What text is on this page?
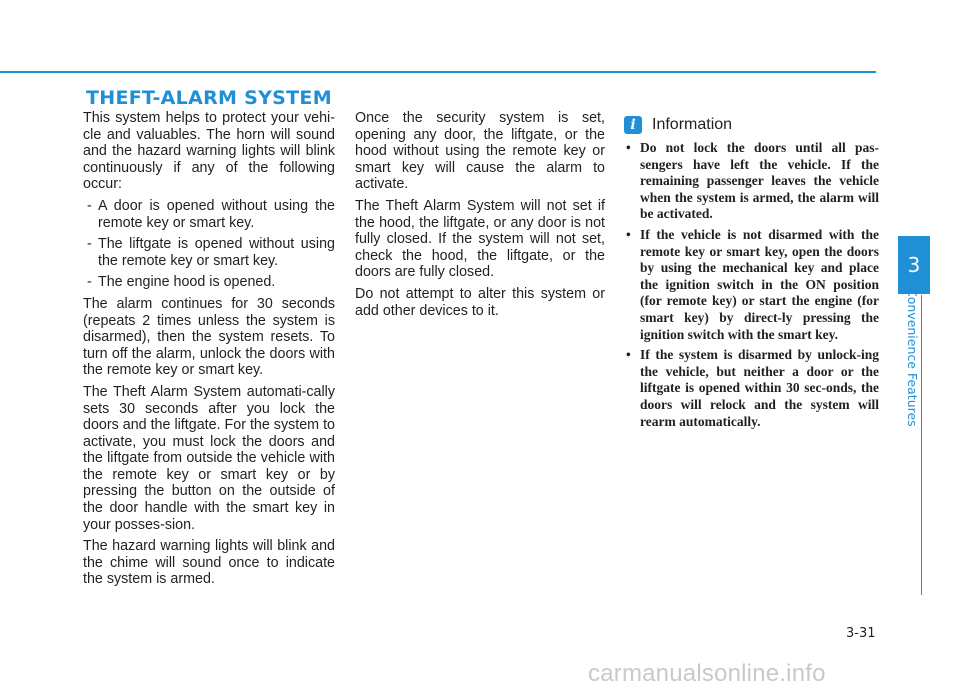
THEFT-ALARM SYSTEM

This system helps to protect your vehi-cle and valuables. The horn will sound and the hazard warning lights will blink continuously if any of the following occur:

- A door is opened without using the remote key or smart key.
- The liftgate is opened without using the remote key or smart key.
- The engine hood is opened.

The alarm continues for 30 seconds (repeats 2 times unless the system is disarmed), then the system resets. To turn off the alarm, unlock the doors with the remote key or smart key.

The Theft Alarm System automati-cally sets 30 seconds after you lock the doors and the liftgate. For the system to activate, you must lock the doors and the liftgate from outside the vehicle with the remote key or smart key or by pressing the button on the outside of the door handle with the smart key in your posses-sion.

The hazard warning lights will blink and the chime will sound once to indicate the system is armed.

Once the security system is set, opening any door, the liftgate, or the hood without using the remote key or smart key will cause the alarm to activate.

The Theft Alarm System will not set if the hood, the liftgate, or any door is not fully closed. If the system will not set, check the hood, the liftgate, or the doors are fully closed.

Do not attempt to alter this system or add other devices to it.

i	Information
• Do not lock the doors until all pas-sengers have left the vehicle. If the remaining passenger leaves the vehicle when the system is armed, the alarm will be activated.
• If the vehicle is not disarmed with the remote key or smart key, open the doors by using the mechanical key and place the ignition switch in the ON position (for remote key) or start the engine (for smart key) by direct-ly pressing the ignition switch with the smart key.
• If the system is disarmed by unlock-ing the vehicle, but neither a door or the liftgate is opened within 30 sec-onds, the doors will relock and the system will rearm automatically.
3
Convenience Features
3-31
carmanualsonline.info
